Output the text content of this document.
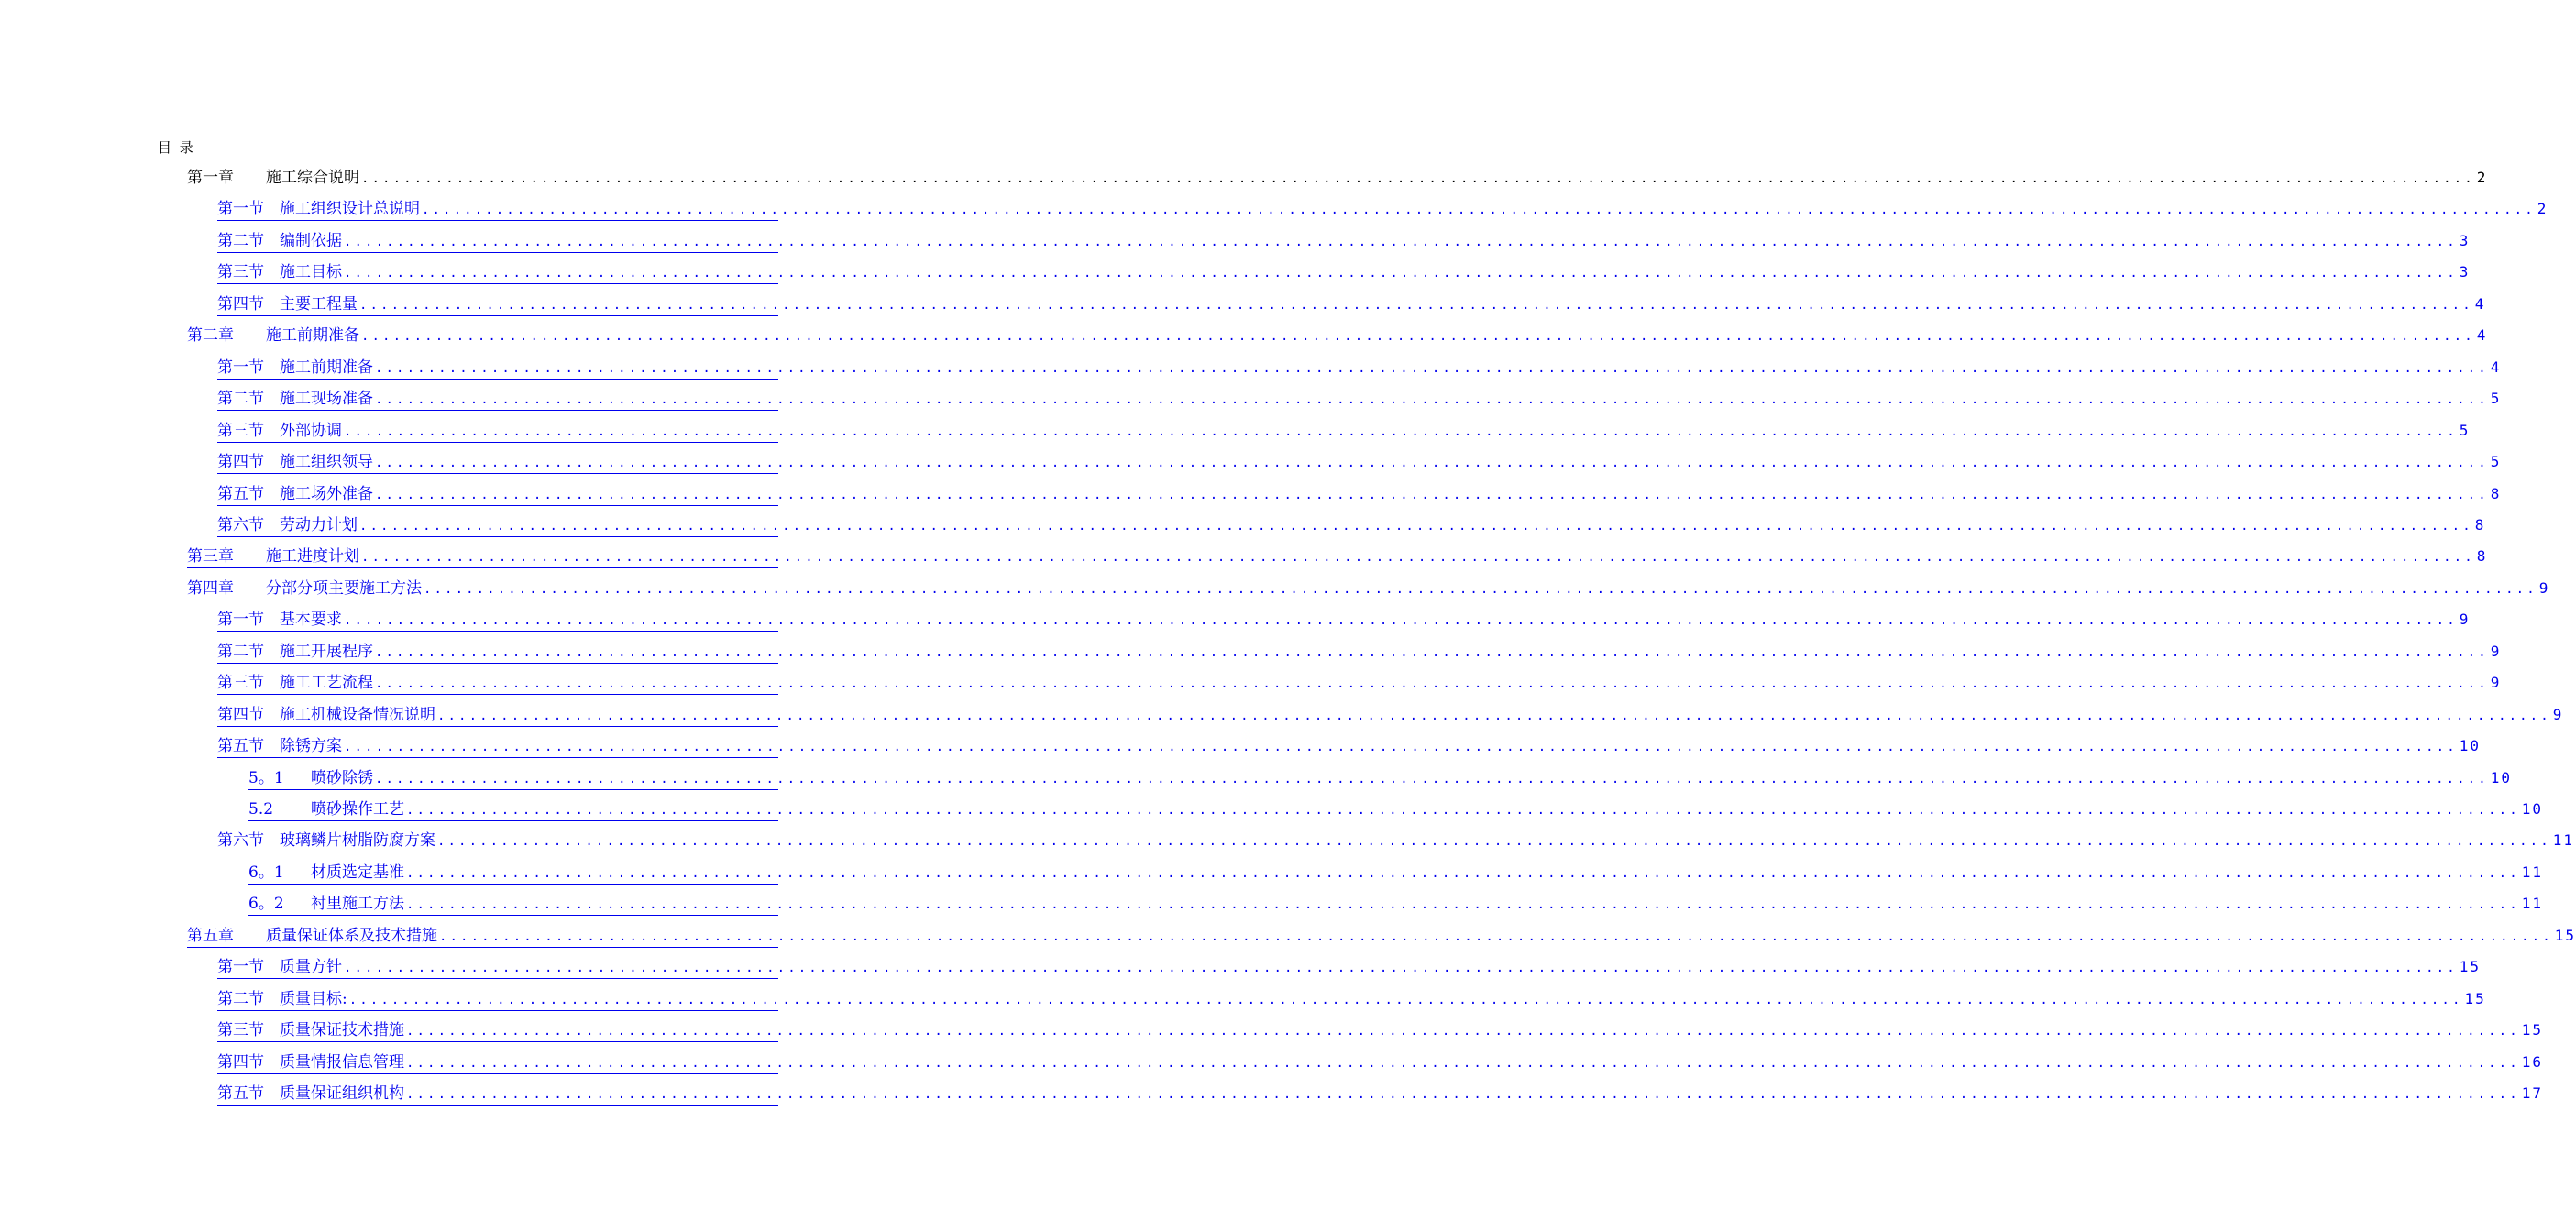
目 录
第一章 施工综合说明 ........................................................................................................................................................................................................ 2
第一节 施工组织设计总说明 ........................................................................................................................................................................................................ 2
第二节 编制依据 ........................................................................................................................................................................................................ 3
第三节 施工目标 ........................................................................................................................................................................................................ 3
第四节 主要工程量 ........................................................................................................................................................................................................ 4
第二章 施工前期准备 ........................................................................................................................................................................................................ 4
第一节 施工前期准备 ........................................................................................................................................................................................................ 4
第二节 施工现场准备 ........................................................................................................................................................................................................ 5
第三节 外部协调 ........................................................................................................................................................................................................ 5
第四节 施工组织领导 ........................................................................................................................................................................................................ 5
第五节 施工场外准备 ........................................................................................................................................................................................................ 8
第六节 劳动力计划 ........................................................................................................................................................................................................ 8
第三章 施工进度计划 ........................................................................................................................................................................................................ 8
第四章 分部分项主要施工方法 ........................................................................................................................................................................................................ 9
第一节 基本要求 ........................................................................................................................................................................................................ 9
第二节 施工开展程序 ........................................................................................................................................................................................................ 9
第三节 施工工艺流程 ........................................................................................................................................................................................................ 9
第四节 施工机械设备情况说明 ........................................................................................................................................................................................................ 9
第五节 除锈方案 ........................................................................................................................................................................................................ 10
5。1 喷砂除锈 ........................................................................................................................................................................................................ 10
5.2 喷砂操作工艺 ........................................................................................................................................................................................................ 10
第六节 玻璃鳞片树脂防腐方案 ........................................................................................................................................................................................................ 11
6。1 材质选定基准 ........................................................................................................................................................................................................ 11
6。2 衬里施工方法 ........................................................................................................................................................................................................ 11
第五章 质量保证体系及技术措施 ........................................................................................................................................................................................................ 15
第一节 质量方针 ........................................................................................................................................................................................................ 15
第二节 质量目标: ........................................................................................................................................................................................................ 15
第三节 质量保证技术措施 ........................................................................................................................................................................................................ 15
第四节 质量情报信息管理 ........................................................................................................................................................................................................ 16
第五节 质量保证组织机构 ........................................................................................................................................................................................................ 17
